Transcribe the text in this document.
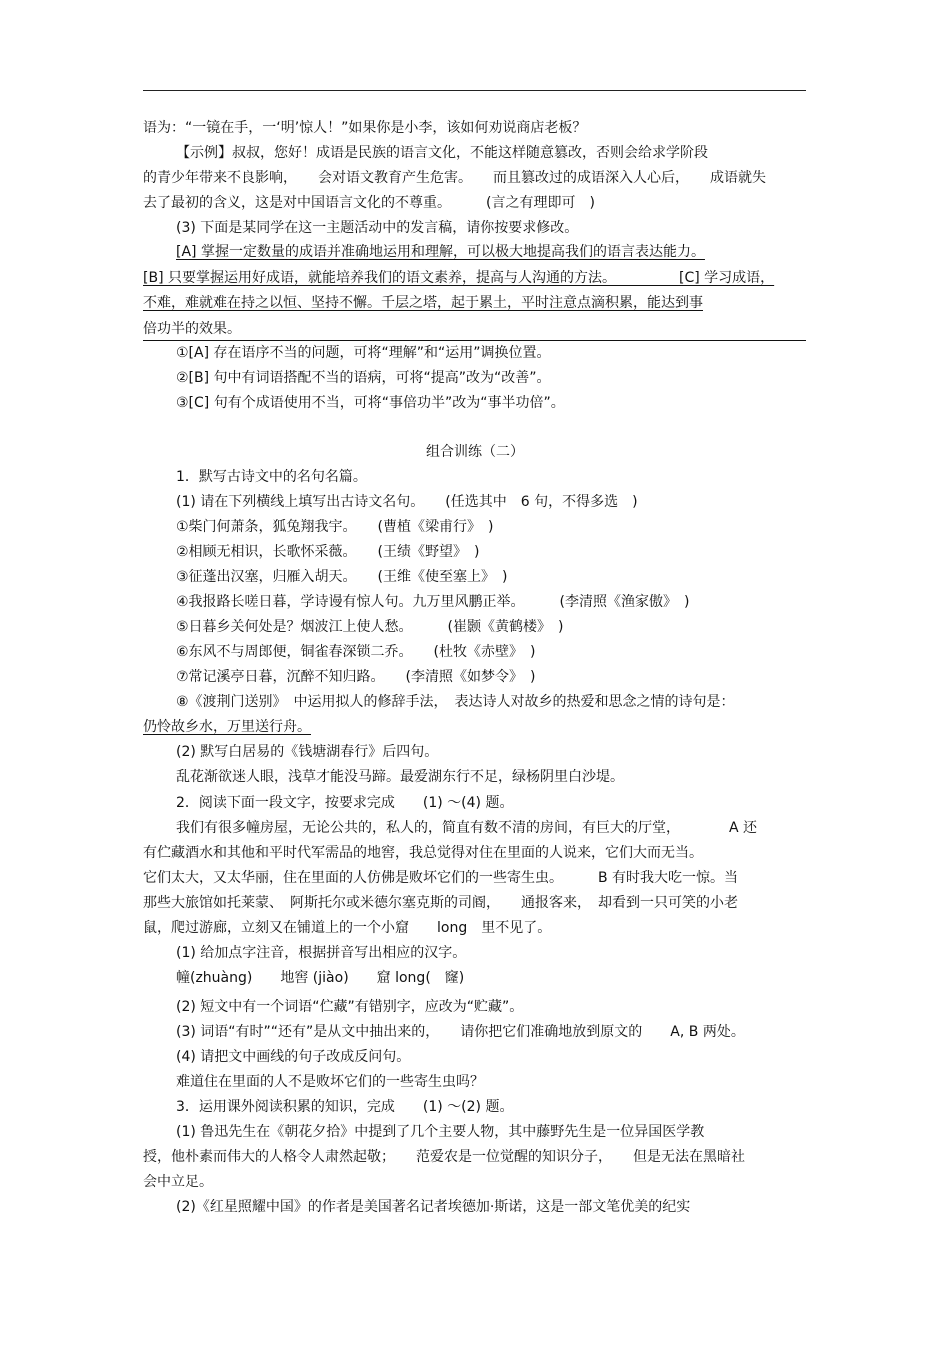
语为：“一镜在手，一‘明’惊人！”如果你是小李，该如何劝说商店老板？
【示例】叔叔，您好！成语是民族的语言文化，不能这样随意篡改，否则会给求学阶段
的青少年带来不良影响，　　会对语文教育产生危害。　　而且篡改过的成语深入人心后，　　成语就失
去了最初的含义，这是对中国语言文化的不尊重。　　　(言之有理即可　)
(3) 下面是某同学在这一主题活动中的发言稿，请你按要求修改。
[A] 掌握一定数量的成语并准确地运用和理解，可以极大地提高我们的语言表达能力。
[B] 只要掌握运用好成语，就能培养我们的语文素养，提高与人沟通的方法。　　　　　[C] 学习成语，
不难，难就难在持之以恒、坚持不懈。千层之塔，起于累土，平时注意点滴积累，能达到事
倍功半的效果。
①[A] 存在语序不当的问题，可将“理解”和“运用”调换位置。
②[B] 句中有词语搭配不当的语病，可将“提高”改为“改善”。
③[C] 句有个成语使用不当，可将“事倍功半”改为“事半功倍”。
组合训练（二）
1．默写古诗文中的名句名篇。
(1) 请在下列横线上填写出古诗文名句。　　(任选其中　6 句，不得多选　)
①柴门何萧条，狐兔翔我宇。　　(曹植《梁甫行》　)
②相顾无相识，长歌怀采薇。　　(王绩《野望》　)
③征蓬出汉塞，归雁入胡天。　　(王维《使至塞上》　)
④我报路长嗟日暮，学诗谩有惊人句。九万里风鹏正举。　　　(李清照《渔家傲》　)
⑤日暮乡关何处是？烟波江上使人愁。　　　(崔颢《黄鹤楼》　)
⑥东风不与周郎便，铜雀春深锁二乔。　　(杜牧《赤壁》　)
⑦常记溪亭日暮，沉醉不知归路。　　(李清照《如梦令》　)
⑧《渡荆门送别》　中运用拟人的修辞手法，　表达诗人对故乡的热爱和思念之情的诗句是：
仍怜故乡水，万里送行舟。
(2) 默写白居易的《钱塘湖春行》后四句。
乱花渐欲迷人眼，浅草才能没马蹄。最爱湖东行不足，绿杨阴里白沙堤。
2．阅读下面一段文字，按要求完成　　(1) ～(4) 题。
我们有很多幢房屋，无论公共的，私人的，简直有数不清的房间，有巨大的厅堂，　　　　A 还
有伫藏酒水和其他和平时代军需品的地窖，我总觉得对住在里面的人说来，它们大而无当。
它们太大，又太华丽，住在里面的人仿佛是败坏它们的一些寄生虫。　　　B 有时我大吃一惊。当
那些大旅馆如托莱蒙、　阿斯托尔或米德尔塞克斯的司阍，　　通报客来，　却看到一只可笑的小老
鼠，爬过游廊，立刻又在铺道上的一个小窟　　long　里不见了。
(1) 给加点字注音，根据拼音写出相应的汉字。
幢(zhuàng)　　地窖 (jiào)　　窟 long(　窿)
(2) 短文中有一个词语“伫藏”有错别字，应改为“贮藏”。
(3) 词语“有时”“还有”是从文中抽出来的，　　请你把它们准确地放到原文的　　A, B 两处。
(4) 请把文中画线的句子改成反问句。
难道住在里面的人不是败坏它们的一些寄生虫吗？
3．运用课外阅读积累的知识，完成　　(1) ～(2) 题。
(1) 鲁迅先生在《朝花夕拾》中提到了几个主要人物，其中藤野先生是一位异国医学教
授，他朴素而伟大的人格令人肃然起敬；　　范爱农是一位觉醒的知识分子，　　但是无法在黑暗社
会中立足。
(2)《红星照耀中国》的作者是美国著名记者埃德加·斯诺，这是一部文笔优美的纪实
